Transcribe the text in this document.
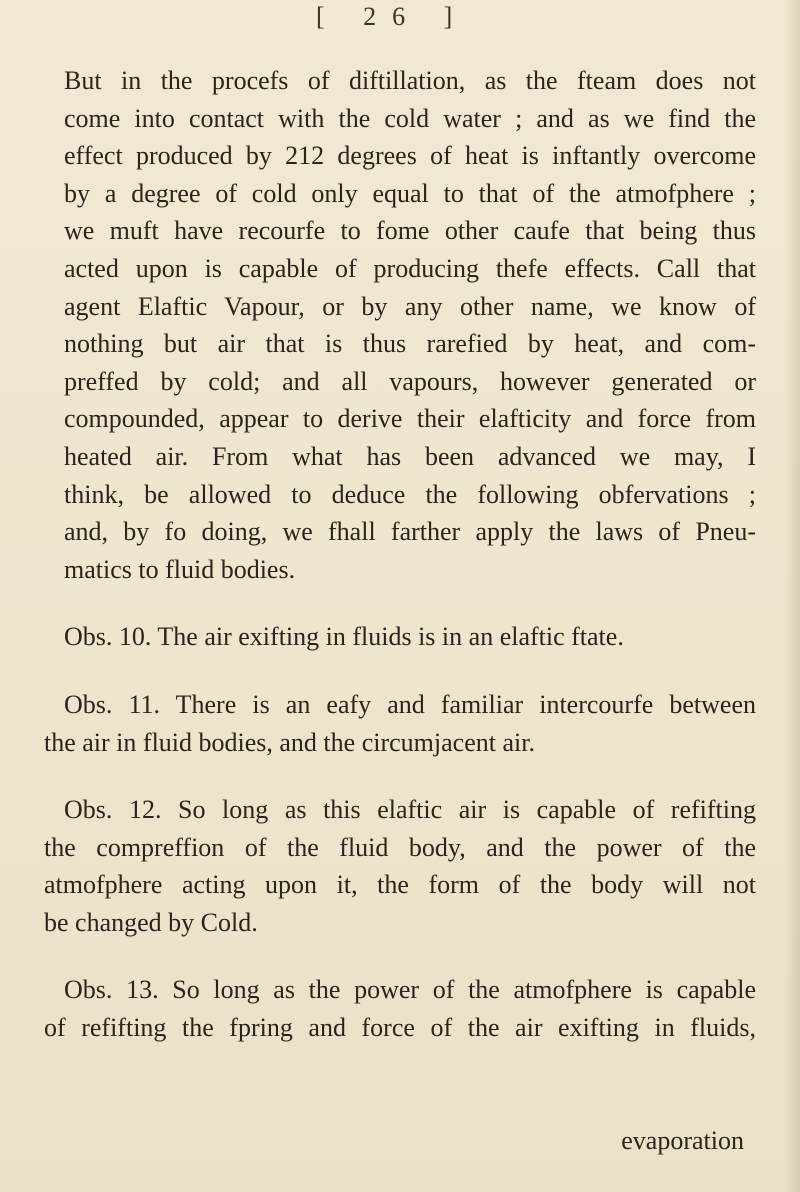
[ 26 ]

But in the procefs of diftillation, as the fteam does not
come into contact with the cold water ; and as we find the
effect produced by 212 degrees of heat is inftantly overcome
by a degree of cold only equal to that of the atmofphere ;
we muft have recourfe to fome other caufe that being thus
acted upon is capable of producing thefe effects. Call that
agent Elaftic Vapour, or by any other name, we know of
nothing but air that is thus rarefied by heat, and com-
preffed by cold; and all vapours, however generated or
compounded, appear to derive their elafticity and force from
heated air. From what has been advanced we may, I
think, be allowed to deduce the following obfervations ;
and, by fo doing, we fhall farther apply the laws of Pneu-
matics to fluid bodies.

Obs. 10. The air exifting in fluids is in an elaftic ftate.

Obs. 11. There is an eafy and familiar intercourfe between
the air in fluid bodies, and the circumjacent air.

Obs. 12. So long as this elaftic air is capable of refifting
the compreffion of the fluid body, and the power of the
atmofphere acting upon it, the form of the body will not
be changed by Cold.

Obs. 13. So long as the power of the atmofphere is capable
of refifting the fpring and force of the air exifting in fluids,

evaporation
